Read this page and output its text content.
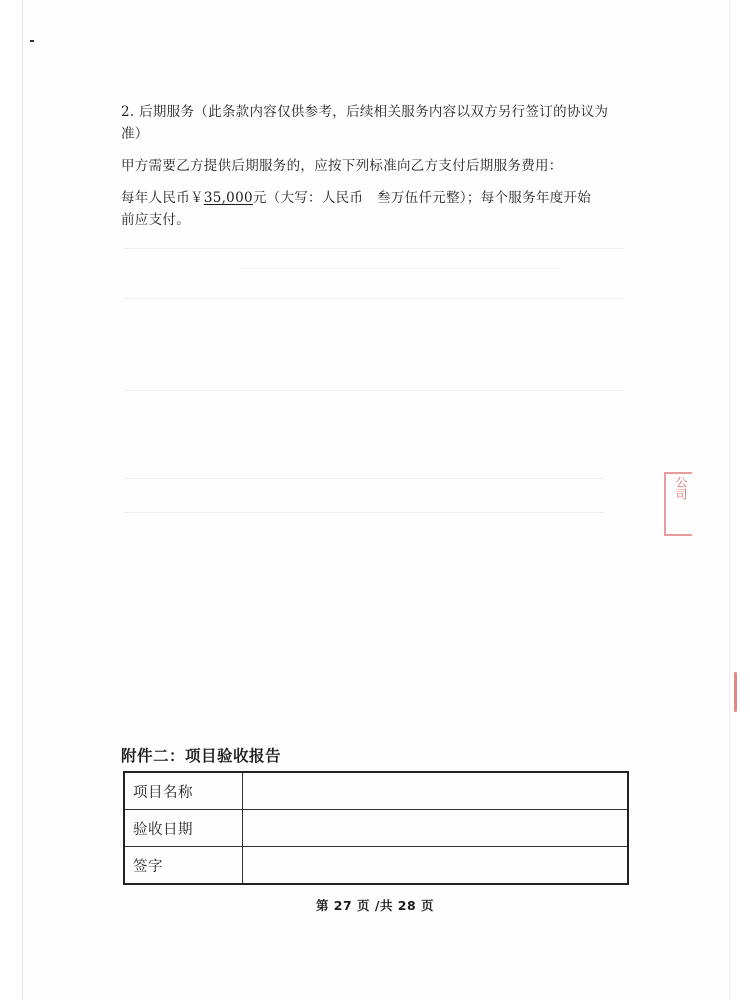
2. 后期服务（此条款内容仅供参考，后续相关服务内容以双方另行签订的协议为
准）
甲方需要乙方提供后期服务的，应按下列标准向乙方支付后期服务费用：
每年人民币￥35,000元（大写：人民币　叁万伍仟元整）；每个服务年度开始
前应支付。
公司
附件二：项目验收报告
项目名称	
验收日期	
签字	
第 27 页 /共 28 页
